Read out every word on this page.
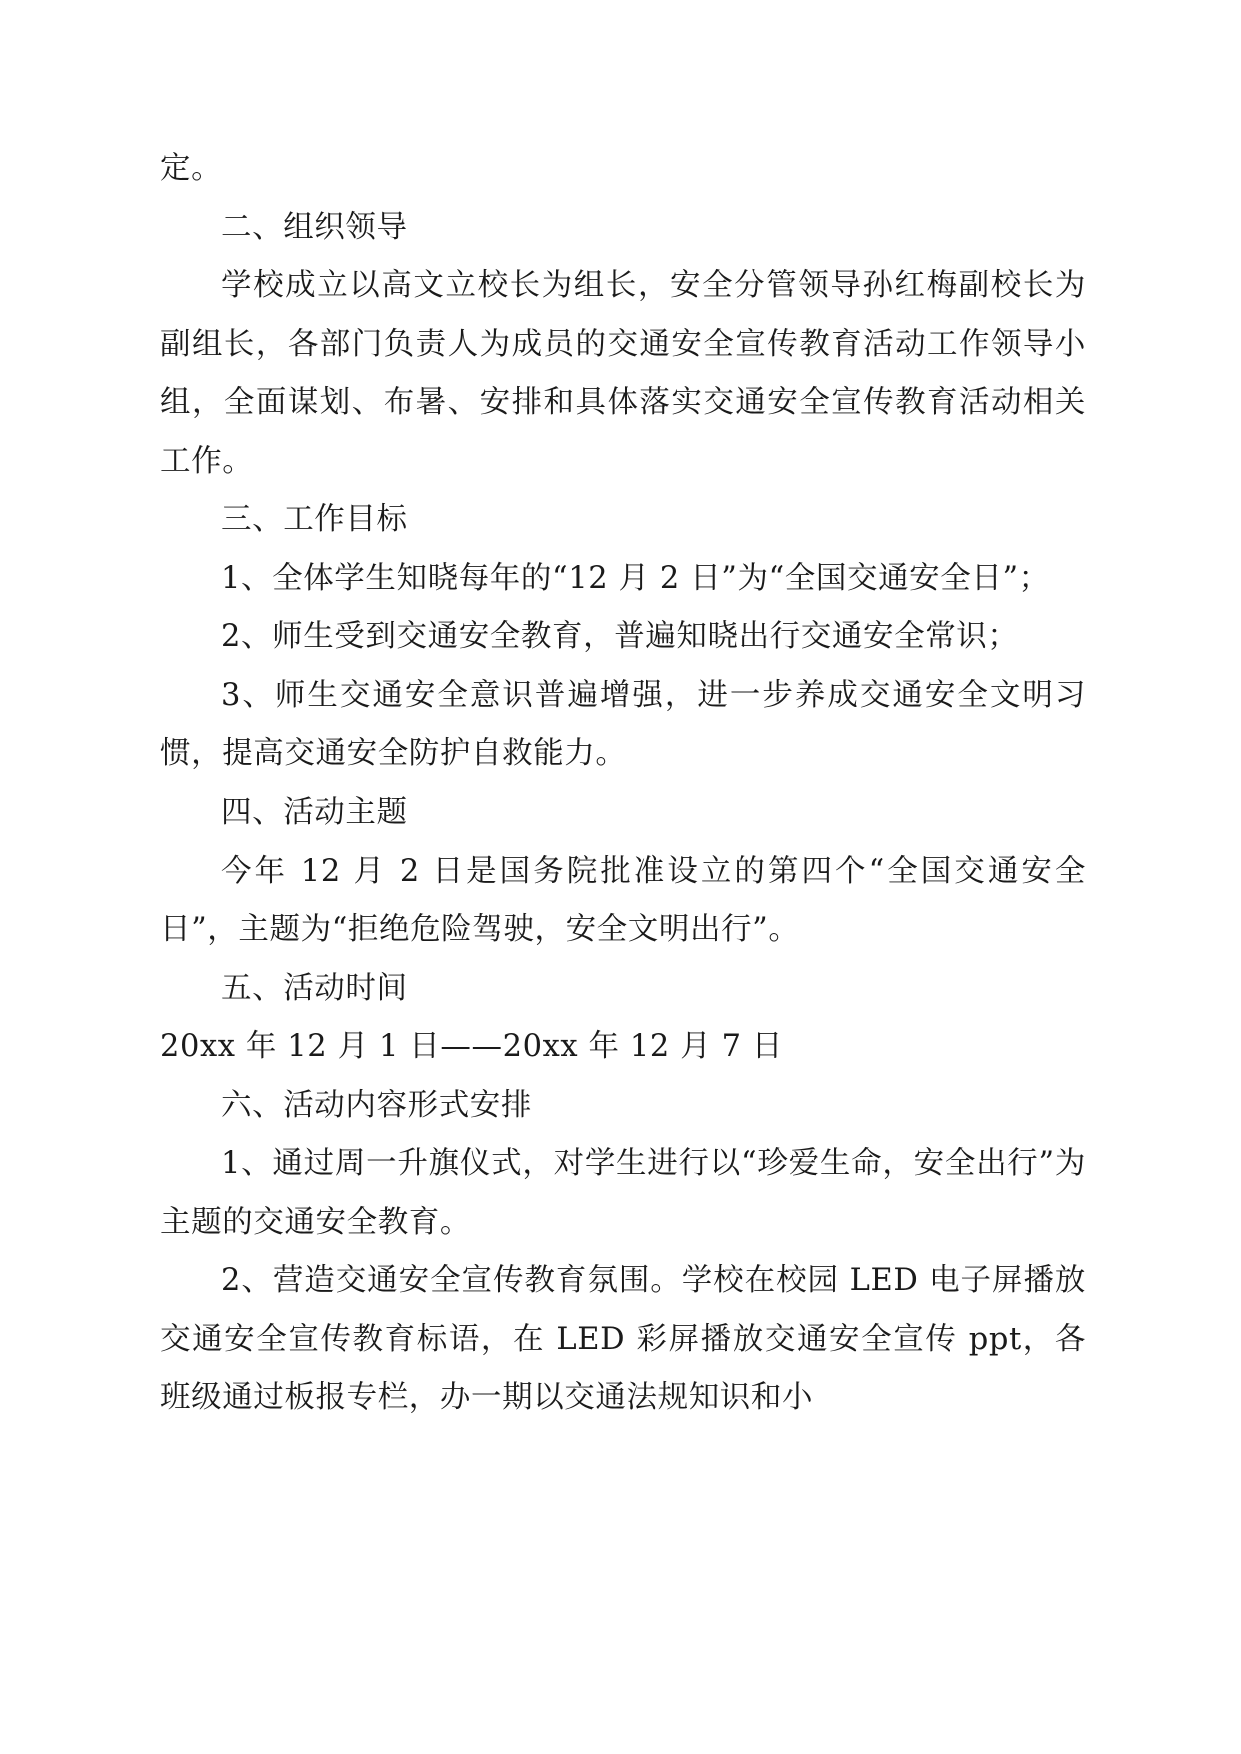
定。

二、组织领导

学校成立以高文立校长为组长，安全分管领导孙红梅副校长为副组长，各部门负责人为成员的交通安全宣传教育活动工作领导小组，全面谋划、布暑、安排和具体落实交通安全宣传教育活动相关工作。

三、工作目标

1、全体学生知晓每年的“12 月 2 日”为“全国交通安全日”；

2、师生受到交通安全教育，普遍知晓出行交通安全常识；

3、师生交通安全意识普遍增强，进一步养成交通安全文明习惯，提高交通安全防护自救能力。

四、活动主题

今年 12 月 2 日是国务院批准设立的第四个“全国交通安全日”，主题为“拒绝危险驾驶，安全文明出行”。

五、活动时间

20xx 年 12 月 1 日——20xx 年 12 月 7 日

六、活动内容形式安排

1、通过周一升旗仪式，对学生进行以“珍爱生命，安全出行”为主题的交通安全教育。

2、营造交通安全宣传教育氛围。学校在校园 LED 电子屏播放交通安全宣传教育标语，在 LED 彩屏播放交通安全宣传 ppt，各班级通过板报专栏，办一期以交通法规知识和小
